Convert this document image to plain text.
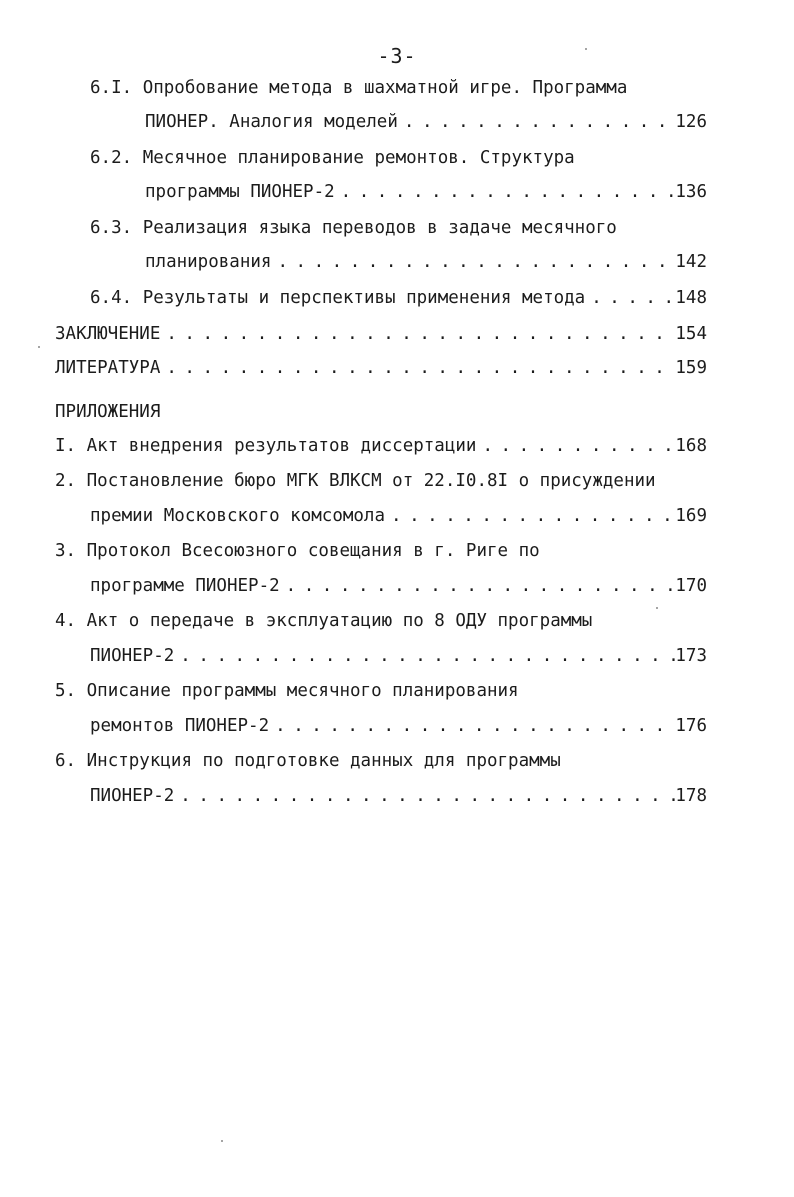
-3-
6.I. Опробование метода в шахматной игре. Программа
ПИОНЕР. Аналогия моделей . . .	126
6.2. Месячное планирование ремонтов. Структура
программы ПИОНЕР-2 . . .	136
6.3. Реализация языка переводов в задаче месячного
планирования . . .	142
6.4. Результаты и перспективы применения метода . . .	148
ЗАКЛЮЧЕНИЕ . . .	154
ЛИТЕРАТУРА . . .	159
ПРИЛОЖЕНИЯ
I. Акт внедрения результатов диссертации . . .	168
2. Постановление бюро МГК ВЛКСМ от 22.I0.8I о присуждении
премии Московского комсомола . . .	169
3. Протокол Всесоюзного совещания в г. Риге по
программе ПИОНЕР-2 . . .	170
4. Акт о передаче в эксплуатацию по 8 ОДУ программы
ПИОНЕР-2 . . .	173
5. Описание программы месячного планирования
ремонтов ПИОНЕР-2 . . .	176
6. Инструкция по подготовке данных для программы
ПИОНЕР-2 . . .	178
